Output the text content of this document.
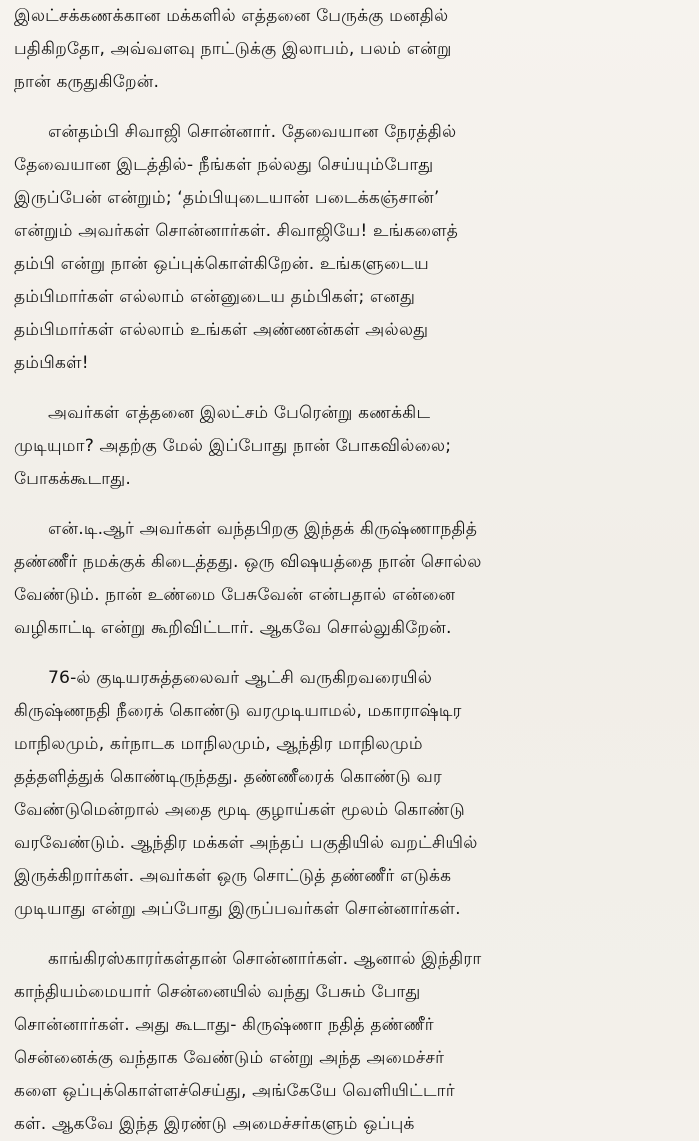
இலட்சக்கணக்கான மக்களில் எத்தனை பேருக்கு மனதில்
பதிகிறதோ, அவ்வளவு நாட்டுக்கு இலாபம், பலம் என்று
நான் கருதுகிறேன்.
என்தம்பி சிவாஜி சொன்னார். தேவையான நேரத்தில்
தேவையான இடத்தில்- நீங்கள் நல்லது செய்யும்போது
இருப்பேன் என்றும்; ‘தம்பியுடையான் படைக்கஞ்சான்’
என்றும் அவர்கள் சொன்னார்கள். சிவாஜியே! உங்களைத்
தம்பி என்று நான் ஒப்புக்கொள்கிறேன். உங்களுடைய
தம்பிமார்கள் எல்லாம் என்னுடைய தம்பிகள்; எனது
தம்பிமார்கள் எல்லாம் உங்கள் அண்ணன்கள் அல்லது
தம்பிகள்!
அவர்கள் எத்தனை இலட்சம் பேரென்று கணக்கிட
முடியுமா? அதற்கு மேல் இப்போது நான் போகவில்லை;
போகக்கூடாது.
என்.டி.ஆர் அவர்கள் வந்தபிறகு இந்தக் கிருஷ்ணாநதித்
தண்ணீர் நமக்குக் கிடைத்தது. ஒரு விஷயத்தை நான் சொல்ல
வேண்டும். நான் உண்மை பேசுவேன் என்பதால் என்னை
வழிகாட்டி என்று கூறிவிட்டார். ஆகவே சொல்லுகிறேன்.
76-ல் குடியரசுத்தலைவர் ஆட்சி வருகிறவரையில்
கிருஷ்ணநதி நீரைக் கொண்டு வரமுடியாமல், மகாராஷ்டிர
மாநிலமும், கர்நாடக மாநிலமும், ஆந்திர மாநிலமும்
தத்தளித்துக் கொண்டிருந்தது. தண்ணீரைக் கொண்டு வர
வேண்டுமென்றால் அதை மூடி குழாய்கள் மூலம் கொண்டு
வரவேண்டும். ஆந்திர மக்கள் அந்தப் பகுதியில் வறட்சியில்
இருக்கிறார்கள். அவர்கள் ஒரு சொட்டுத் தண்ணீர் எடுக்க
முடியாது என்று அப்போது இருப்பவர்கள் சொன்னார்கள்.
காங்கிரஸ்காரர்கள்தான் சொன்னார்கள். ஆனால் இந்திரா
காந்தியம்மையார் சென்னையில் வந்து பேசும் போது
சொன்னார்கள். அது கூடாது- கிருஷ்ணா நதித் தண்ணீர்
சென்னைக்கு வந்தாக வேண்டும் என்று அந்த அமைச்சர்
களை ஒப்புக்கொள்ளச்செய்து, அங்கேயே வெளியிட்டார்
கள். ஆகவே இந்த இரண்டு அமைச்சர்களும் ஒப்புக்
